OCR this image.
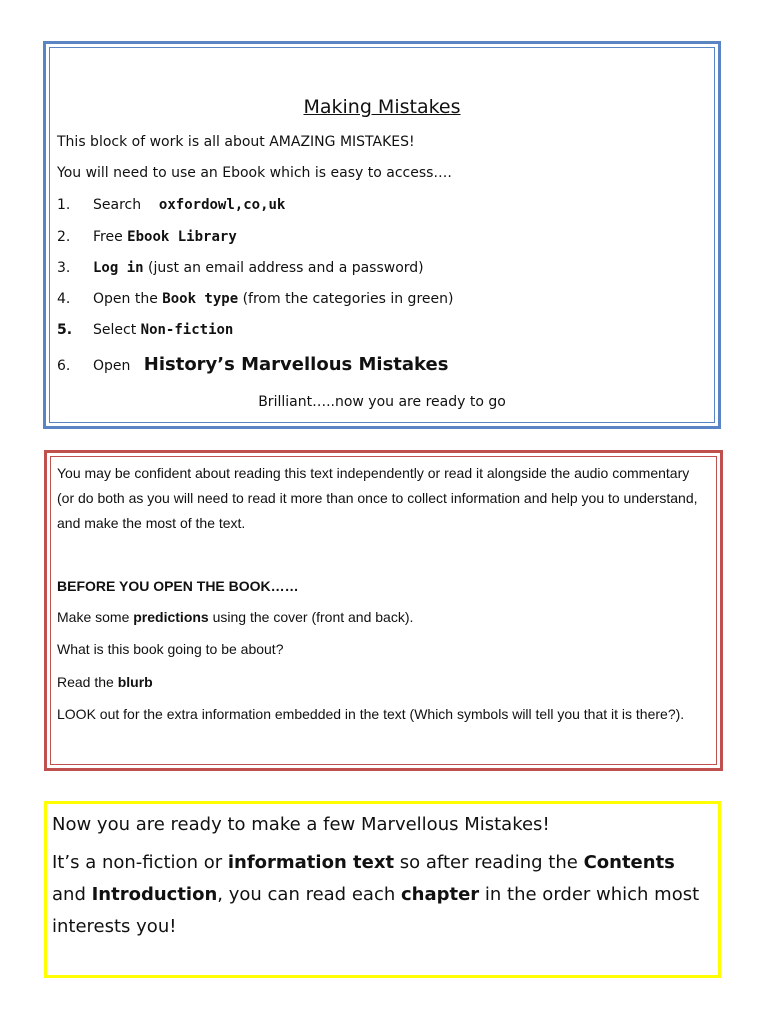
Making Mistakes
This block of work is all about AMAZING MISTAKES!
You will need to use an Ebook which is easy to access….
1. Search oxfordowl,co,uk
2. Free Ebook Library
3. Log in (just an email address and a password)
4. Open the Book type (from the categories in green)
5. Select Non-fiction
6. Open History’s Marvellous Mistakes
Brilliant…..now you are ready to go
You may be confident about reading this text independently or read it alongside the audio commentary (or do both as you will need to read it more than once to collect information and help you to understand, and make the most of the text.
BEFORE YOU OPEN THE BOOK……
Make some predictions using the cover (front and back).
What is this book going to be about?
Read the blurb
LOOK out for the extra information embedded in the text (Which symbols will tell you that it is there?).
Now you are ready to make a few Marvellous Mistakes!
It’s a non-fiction or information text so after reading the Contents and Introduction, you can read each chapter in the order which most interests you!
